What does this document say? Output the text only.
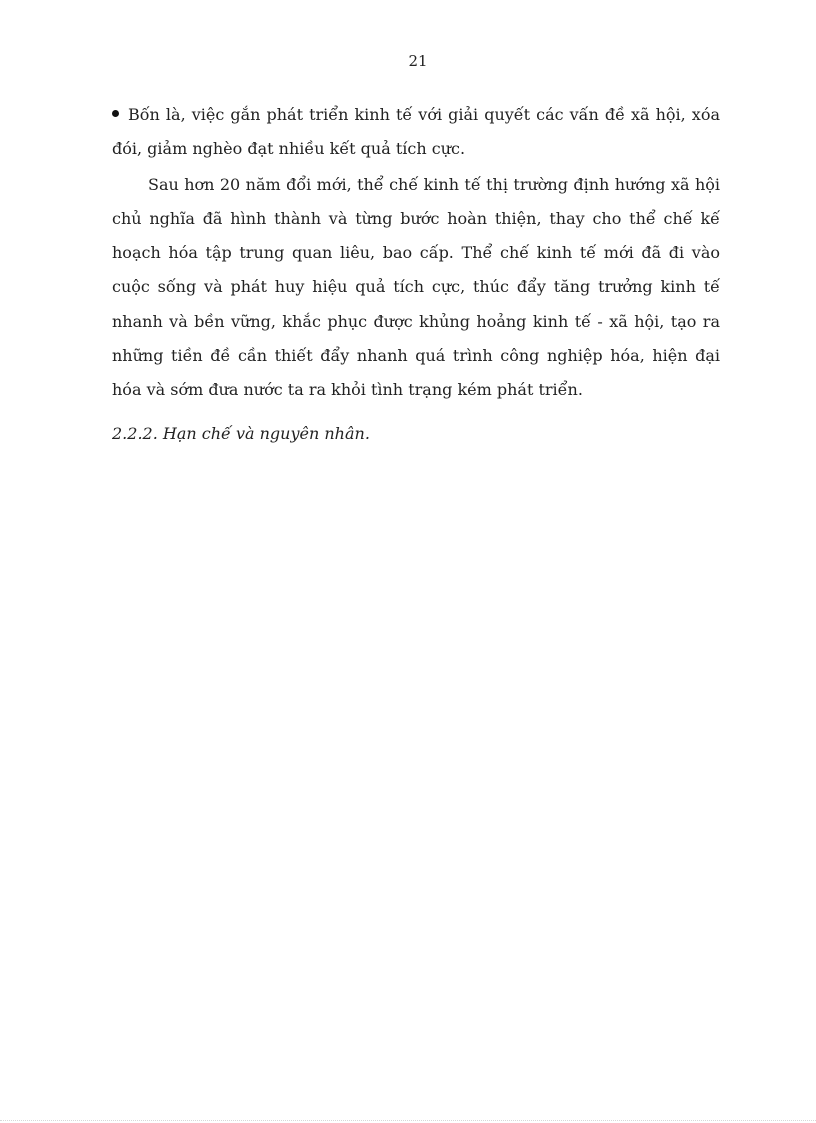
21

Bốn là, việc gắn phát triển kinh tế với giải quyết các vấn đề xã hội, xóa đói, giảm nghèo đạt nhiều kết quả tích cực.

Sau hơn 20 năm đổi mới, thể chế kinh tế thị trường định hướng xã hội chủ nghĩa đã hình thành và từng bước hoàn thiện, thay cho thể chế kế hoạch hóa tập trung quan liêu, bao cấp. Thể chế kinh tế mới đã đi vào cuộc sống và phát huy hiệu quả tích cực, thúc đẩy tăng trưởng kinh tế nhanh và bền vững, khắc phục được khủng hoảng kinh tế - xã hội, tạo ra những tiền đề cần thiết đẩy nhanh quá trình công nghiệp hóa, hiện đại hóa và sớm đưa nước ta ra khỏi tình trạng kém phát triển.

2.2.2. Hạn chế và nguyên nhân.
